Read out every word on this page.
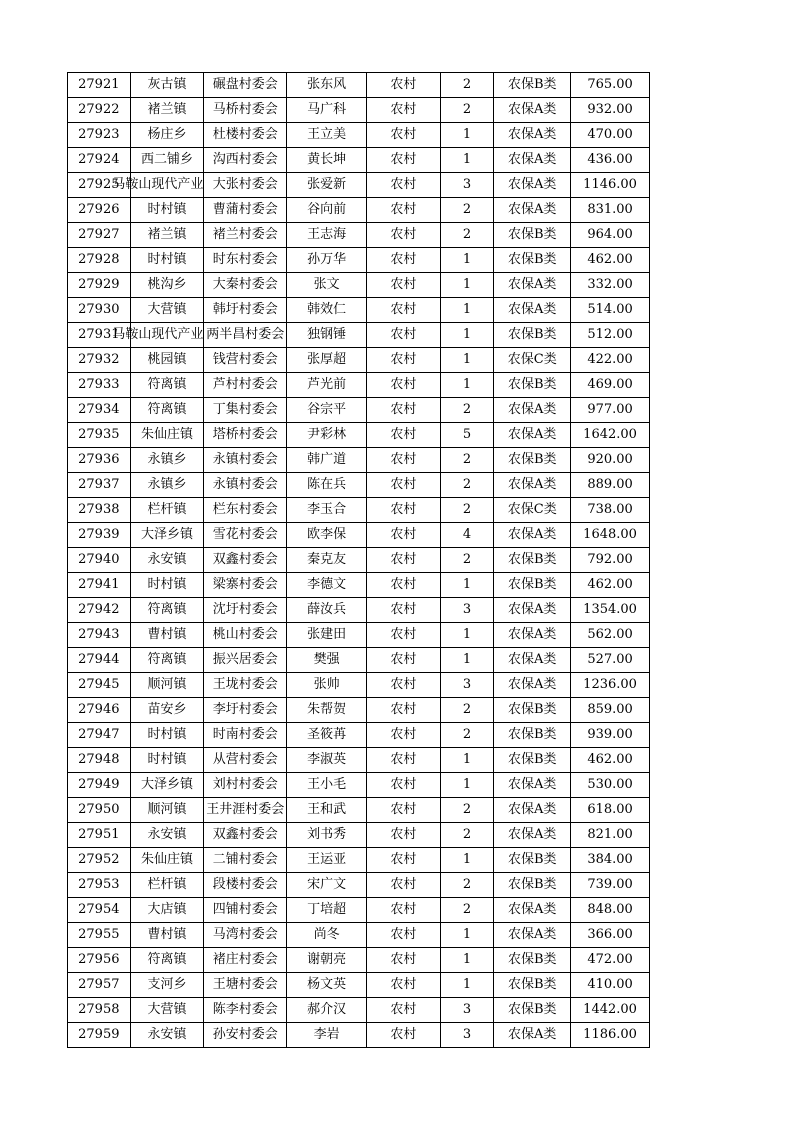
27921	灰古镇	碾盘村委会	张东风	农村	2	农保B类	765.00
27922	褚兰镇	马桥村委会	马广科	农村	2	农保A类	932.00
27923	杨庄乡	杜楼村委会	王立美	农村	1	农保A类	470.00
27924	西二铺乡	沟西村委会	黄长坤	农村	1	农保A类	436.00
27925	马鞍山现代产业	大张村委会	张爱新	农村	3	农保A类	1146.00
27926	时村镇	曹蒲村委会	谷向前	农村	2	农保A类	831.00
27927	褚兰镇	褚兰村委会	王志海	农村	2	农保B类	964.00
27928	时村镇	时东村委会	孙万华	农村	1	农保B类	462.00
27929	桃沟乡	大秦村委会	张文	农村	1	农保A类	332.00
27930	大营镇	韩圩村委会	韩效仁	农村	1	农保A类	514.00
27931	马鞍山现代产业	两半昌村委会	独钢锤	农村	1	农保B类	512.00
27932	桃园镇	钱营村委会	张厚超	农村	1	农保C类	422.00
27933	符离镇	芦村村委会	芦光前	农村	1	农保B类	469.00
27934	符离镇	丁集村委会	谷宗平	农村	2	农保A类	977.00
27935	朱仙庄镇	塔桥村委会	尹彩林	农村	5	农保A类	1642.00
27936	永镇乡	永镇村委会	韩广道	农村	2	农保B类	920.00
27937	永镇乡	永镇村委会	陈在兵	农村	2	农保A类	889.00
27938	栏杆镇	栏东村委会	李玉合	农村	2	农保C类	738.00
27939	大泽乡镇	雪花村委会	欧李保	农村	4	农保A类	1648.00
27940	永安镇	双鑫村委会	秦克友	农村	2	农保B类	792.00
27941	时村镇	梁寨村委会	李德文	农村	1	农保B类	462.00
27942	符离镇	沈圩村委会	薛汝兵	农村	3	农保A类	1354.00
27943	曹村镇	桃山村委会	张建田	农村	1	农保A类	562.00
27944	符离镇	振兴居委会	樊强	农村	1	农保A类	527.00
27945	顺河镇	王垅村委会	张帅	农村	3	农保A类	1236.00
27946	苗安乡	李圩村委会	朱帮贺	农村	2	农保B类	859.00
27947	时村镇	时南村委会	圣筱苒	农村	2	农保B类	939.00
27948	时村镇	从营村委会	李淑英	农村	1	农保B类	462.00
27949	大泽乡镇	刘村村委会	王小毛	农村	1	农保A类	530.00
27950	顺河镇	王井涯村委会	王和武	农村	2	农保A类	618.00
27951	永安镇	双鑫村委会	刘书秀	农村	2	农保A类	821.00
27952	朱仙庄镇	二铺村委会	王运亚	农村	1	农保B类	384.00
27953	栏杆镇	段楼村委会	宋广文	农村	2	农保B类	739.00
27954	大店镇	四铺村委会	丁培超	农村	2	农保A类	848.00
27955	曹村镇	马湾村委会	尚冬	农村	1	农保A类	366.00
27956	符离镇	褚庄村委会	谢朝亮	农村	1	农保B类	472.00
27957	支河乡	王塘村委会	杨文英	农村	1	农保B类	410.00
27958	大营镇	陈李村委会	郝介汉	农村	3	农保B类	1442.00
27959	永安镇	孙安村委会	李岩	农村	3	农保A类	1186.00
